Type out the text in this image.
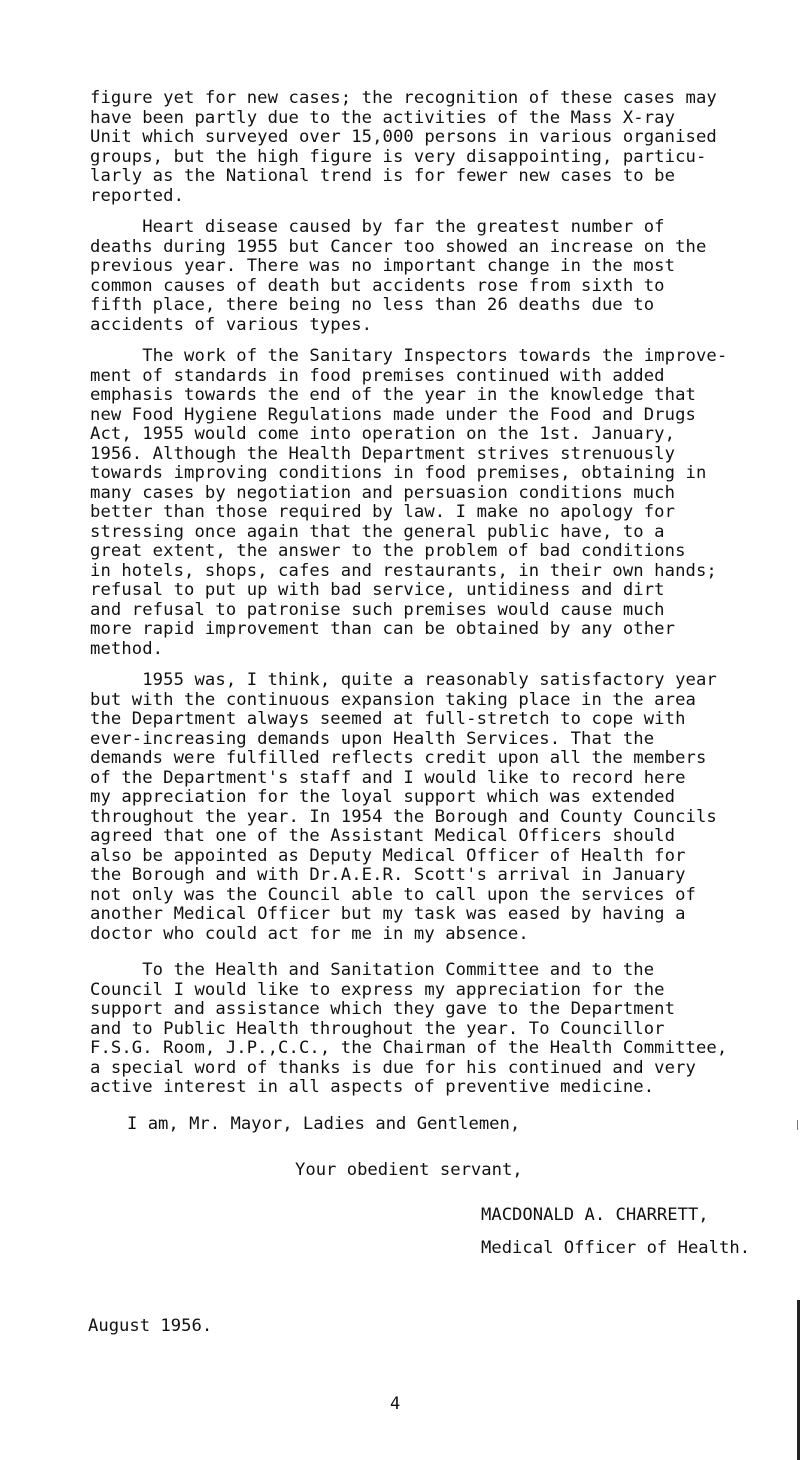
figure yet for new cases; the recognition of these cases may
have been partly due to the activities of the Mass X-ray
Unit which surveyed over 15,000 persons in various organised
groups, but the high figure is very disappointing, particu-
larly as the National trend is for fewer new cases to be
reported.
Heart disease caused by far the greatest number of
deaths during 1955 but Cancer too showed an increase on the
previous year. There was no important change in the most
common causes of death but accidents rose from sixth to
fifth place, there being no less than 26 deaths due to
accidents of various types.
The work of the Sanitary Inspectors towards the improve-
ment of standards in food premises continued with added
emphasis towards the end of the year in the knowledge that
new Food Hygiene Regulations made under the Food and Drugs
Act, 1955 would come into operation on the 1st. January,
1956. Although the Health Department strives strenuously
towards improving conditions in food premises, obtaining in
many cases by negotiation and persuasion conditions much
better than those required by law. I make no apology for
stressing once again that the general public have, to a
great extent, the answer to the problem of bad conditions
in hotels, shops, cafes and restaurants, in their own hands;
refusal to put up with bad service, untidiness and dirt
and refusal to patronise such premises would cause much
more rapid improvement than can be obtained by any other
method.
1955 was, I think, quite a reasonably satisfactory year
but with the continuous expansion taking place in the area
the Department always seemed at full-stretch to cope with
ever-increasing demands upon Health Services. That the
demands were fulfilled reflects credit upon all the members
of the Department's staff and I would like to record here
my appreciation for the loyal support which was extended
throughout the year. In 1954 the Borough and County Councils
agreed that one of the Assistant Medical Officers should
also be appointed as Deputy Medical Officer of Health for
the Borough and with Dr.A.E.R. Scott's arrival in January
not only was the Council able to call upon the services of
another Medical Officer but my task was eased by having a
doctor who could act for me in my absence.
To the Health and Sanitation Committee and to the
Council I would like to express my appreciation for the
support and assistance which they gave to the Department
and to Public Health throughout the year. To Councillor
F.S.G. Room, J.P.,C.C., the Chairman of the Health Committee,
a special word of thanks is due for his continued and very
active interest in all aspects of preventive medicine.
I am, Mr. Mayor, Ladies and Gentlemen,
Your obedient servant,
MACDONALD A. CHARRETT,
Medical Officer of Health.
August 1956.
4
